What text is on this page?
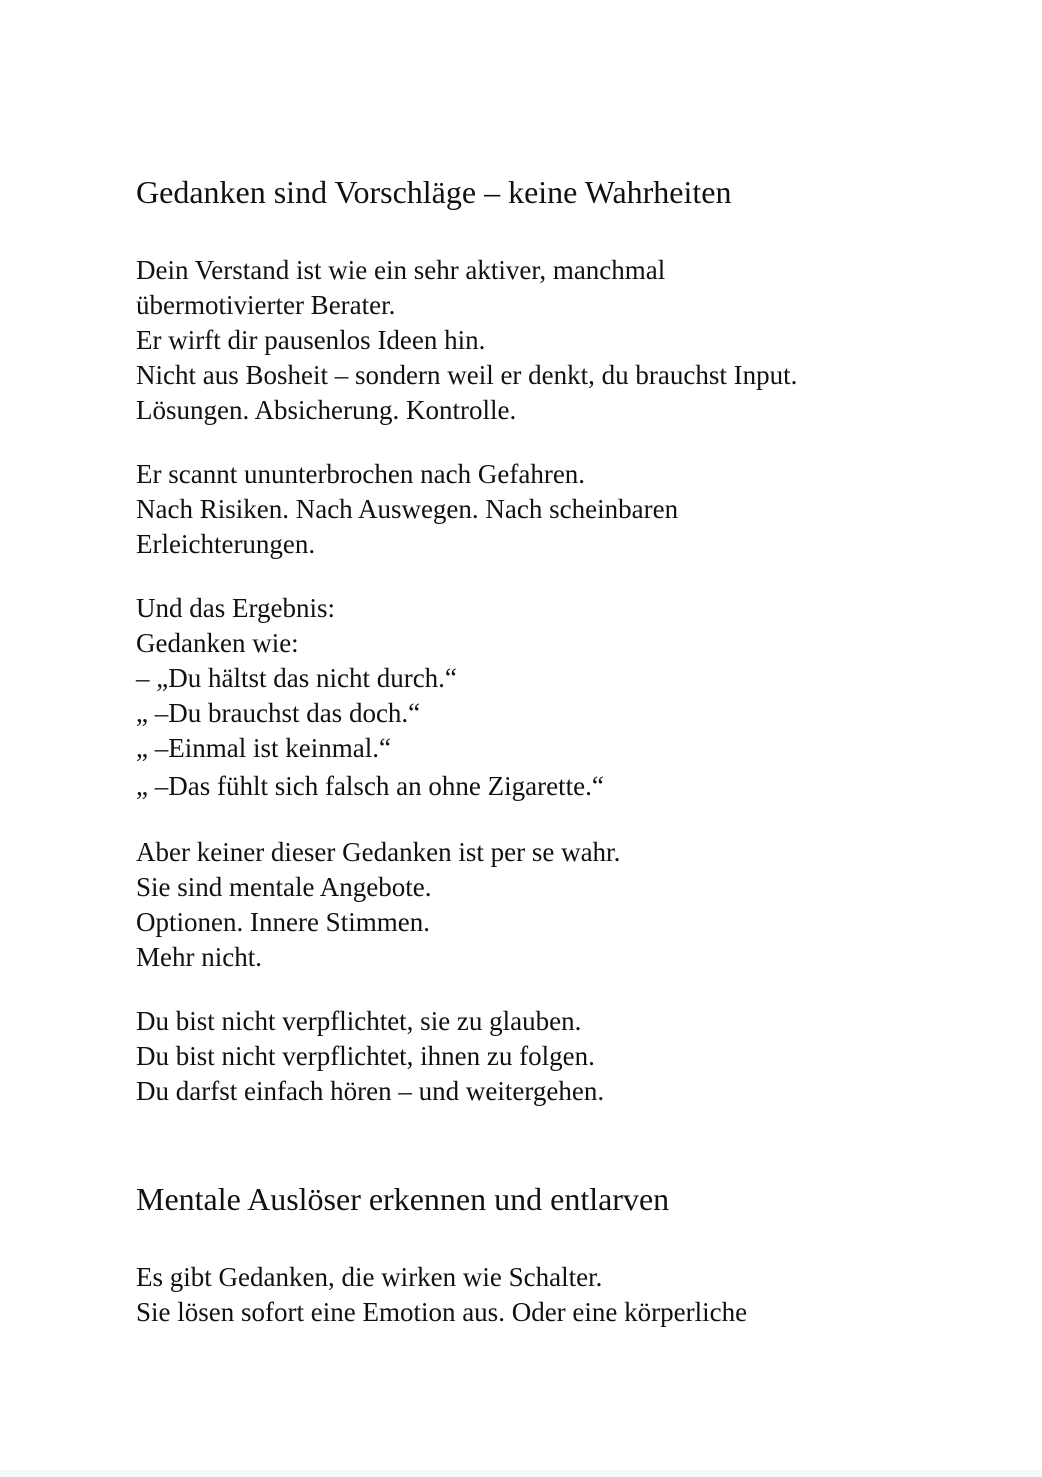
Gedanken sind Vorschläge – keine Wahrheiten
Dein Verstand ist wie ein sehr aktiver, manchmal
übermotivierter Berater.
Er wirft dir pausenlos Ideen hin.
Nicht aus Bosheit – sondern weil er denkt, du brauchst Input.
Lösungen. Absicherung. Kontrolle.
Er scannt ununterbrochen nach Gefahren.
Nach Risiken. Nach Auswegen. Nach scheinbaren
Erleichterungen.
Und das Ergebnis:
Gedanken wie:
– „Du hältst das nicht durch.“
„ –Du brauchst das doch.“
„ –Einmal ist keinmal.“
„ –Das fühlt sich falsch an ohne Zigarette.“
Aber keiner dieser Gedanken ist per se wahr.
Sie sind mentale Angebote.
Optionen. Innere Stimmen.
Mehr nicht.
Du bist nicht verpflichtet, sie zu glauben.
Du bist nicht verpflichtet, ihnen zu folgen.
Du darfst einfach hören – und weitergehen.
Mentale Auslöser erkennen und entlarven
Es gibt Gedanken, die wirken wie Schalter.
Sie lösen sofort eine Emotion aus. Oder eine körperliche
